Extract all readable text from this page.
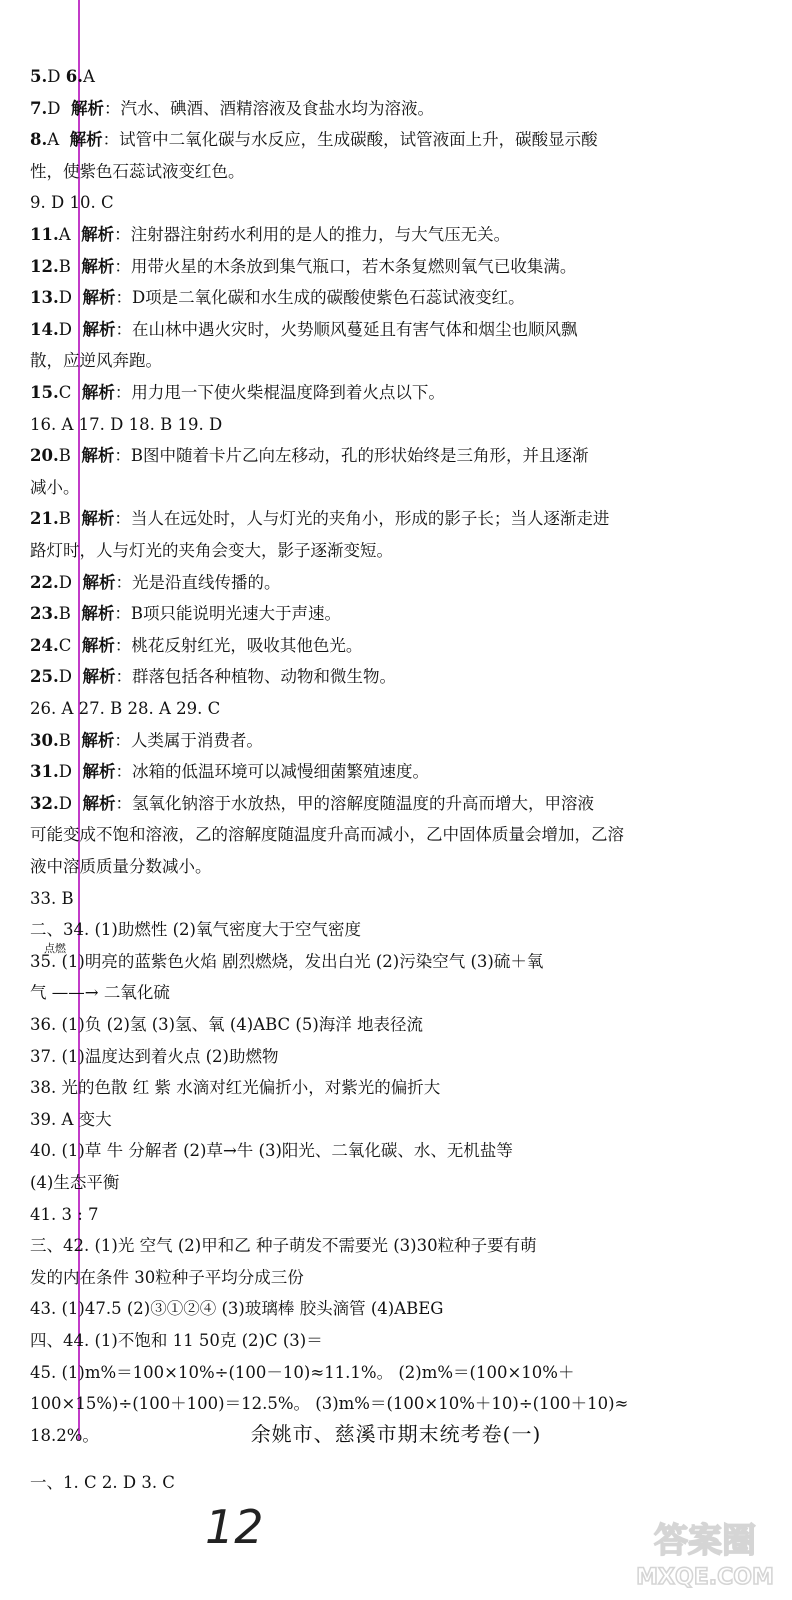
5.D 6.A
7.D 解析：汽水、碘酒、酒精溶液及食盐水均为溶液。
8.A 解析：试管中二氧化碳与水反应，生成碳酸，试管液面上升，碳酸显示酸
性，使紫色石蕊试液变红色。
9. D 10. C
11.A 解析：注射器注射药水利用的是人的推力，与大气压无关。
12.B 解析：用带火星的木条放到集气瓶口，若木条复燃则氧气已收集满。
13.D 解析：D项是二氧化碳和水生成的碳酸使紫色石蕊试液变红。
14.D 解析：在山林中遇火灾时，火势顺风蔓延且有害气体和烟尘也顺风飘
散，应逆风奔跑。
15.C 解析：用力甩一下使火柴棍温度降到着火点以下。
16. A 17. D 18. B 19. D
20.B 解析：B图中随着卡片乙向左移动，孔的形状始终是三角形，并且逐渐
减小。
21.B 解析：当人在远处时，人与灯光的夹角小，形成的影子长；当人逐渐走进
路灯时，人与灯光的夹角会变大，影子逐渐变短。
22.D 解析：光是沿直线传播的。
23.B 解析：B项只能说明光速大于声速。
24.C 解析：桃花反射红光，吸收其他色光。
25.D 解析：群落包括各种植物、动物和微生物。
26. A 27. B 28. A 29. C
30.B 解析：人类属于消费者。
31.D 解析：冰箱的低温环境可以减慢细菌繁殖速度。
32.D 解析：氢氧化钠溶于水放热，甲的溶解度随温度的升高而增大，甲溶液
可能变成不饱和溶液，乙的溶解度随温度升高而减小，乙中固体质量会增加，乙溶
液中溶质质量分数减小。
33. B
二、34. (1)助燃性 (2)氧气密度大于空气密度
35. (1)明亮的蓝紫色火焰 剧烈燃烧，发出白光 (2)污染空气 (3)硫＋氧
气 ——→ 二氧化硫
36. (1)负 (2)氢 (3)氢、氧 (4)ABC (5)海洋 地表径流
37. (1)温度达到着火点 (2)助燃物
38. 光的色散 红 紫 水滴对红光偏折小，对紫光的偏折大
39. A 变大
40. (1)草 牛 分解者 (2)草→牛 (3)阳光、二氧化碳、水、无机盐等
(4)生态平衡
41. 3 : 7
三、42. (1)光 空气 (2)甲和乙 种子萌发不需要光 (3)30粒种子要有萌
发的内在条件 30粒种子平均分成三份
43. (1)47.5 (2)③①②④ (3)玻璃棒 胶头滴管 (4)ABEG
四、44. (1)不饱和 11 50克 (2)C (3)＝
45. (1)m%＝100×10%÷(100－10)≈11.1%。 (2)m%＝(100×10%＋
100×15%)÷(100＋100)＝12.5%。 (3)m%＝(100×10%＋10)÷(100＋10)≈
18.2%。
点燃
余姚市、慈溪市期末统考卷(一)
一、1. C 2. D 3. C
12	答案圈
MXQE.COM
